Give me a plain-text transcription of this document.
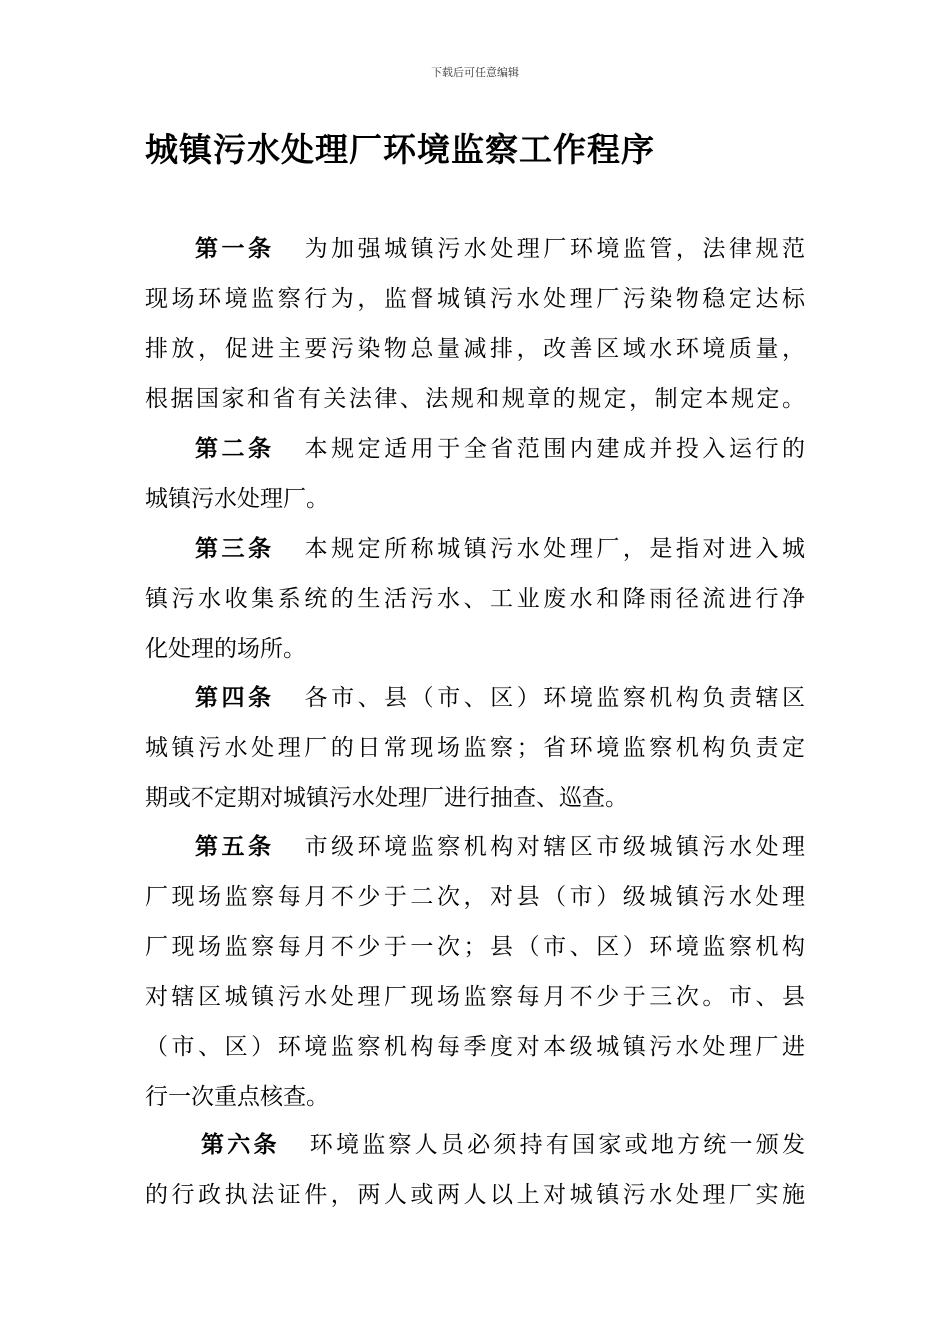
下载后可任意编辑
城镇污水处理厂环境监察工作程序
第一条 为加强城镇污水处理厂环境监管，法律规范
现场环境监察行为，监督城镇污水处理厂污染物稳定达标
排放，促进主要污染物总量减排，改善区域水环境质量，
根据国家和省有关法律、法规和规章的规定，制定本规定。
第二条 本规定适用于全省范围内建成并投入运行的
城镇污水处理厂。
第三条 本规定所称城镇污水处理厂，是指对进入城
镇污水收集系统的生活污水、工业废水和降雨径流进行净
化处理的场所。
第四条 各市、县（市、区）环境监察机构负责辖区
城镇污水处理厂的日常现场监察；省环境监察机构负责定
期或不定期对城镇污水处理厂进行抽查、巡查。
第五条 市级环境监察机构对辖区市级城镇污水处理
厂现场监察每月不少于二次，对县（市）级城镇污水处理
厂现场监察每月不少于一次；县（市、区）环境监察机构
对辖区城镇污水处理厂现场监察每月不少于三次。市、县
（市、区）环境监察机构每季度对本级城镇污水处理厂进
行一次重点核查。
第六条 环境监察人员必须持有国家或地方统一颁发
的行政执法证件，两人或两人以上对城镇污水处理厂实施
